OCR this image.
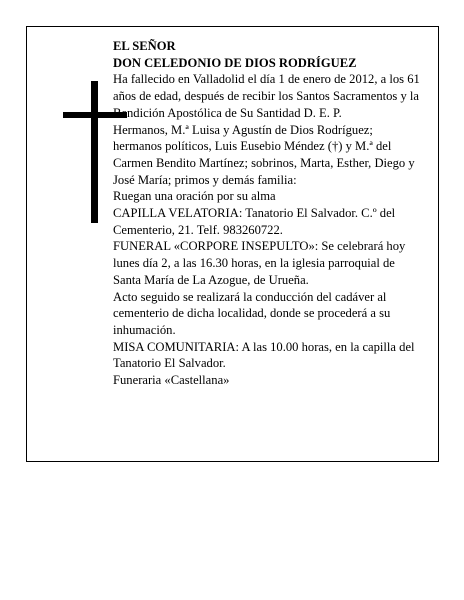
EL SEÑOR

DON CELEDONIO DE DIOS RODRÍGUEZ

Ha fallecido en Valladolid el día 1 de enero de 2012, a los 61 años de edad, después de recibir los Santos Sacramentos y la Bendición Apostólica de Su Santidad D. E. P.

Hermanos, M.ª Luisa y Agustín de Dios Rodríguez; hermanos políticos, Luis Eusebio Méndez (†) y M.ª del Carmen Bendito Martínez; sobrinos, Marta, Esther, Diego y José María; primos y demás familia:

Ruegan una oración por su alma

CAPILLA VELATORIA: Tanatorio El Salvador. C.º del Cementerio, 21. Telf. 983260722.

FUNERAL «CORPORE INSEPULTO»: Se celebrará hoy lunes día 2, a las 16.30 horas, en la iglesia parroquial de Santa María de La Azogue, de Urueña.

Acto seguido se realizará la conducción del cadáver al cementerio de dicha localidad, donde se procederá a su inhumación.

MISA COMUNITARIA: A las 10.00 horas, en la capilla del Tanatorio El Salvador.

Funeraria «Castellana»
